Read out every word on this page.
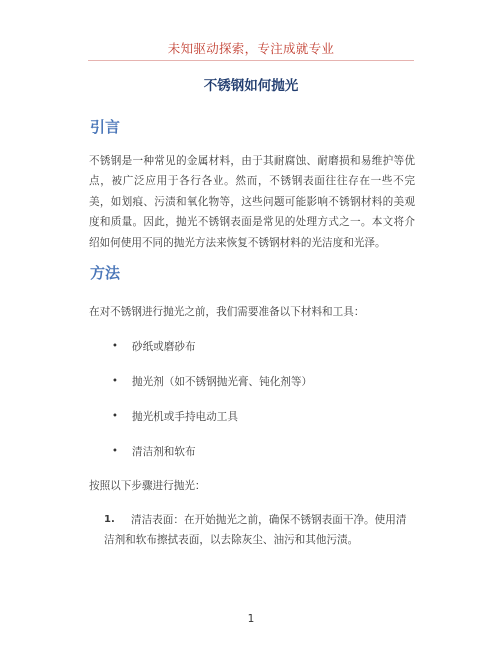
未知驱动探索，专注成就专业
不锈钢如何抛光
引言
不锈钢是一种常见的金属材料，由于其耐腐蚀、耐磨损和易维护等优点，被广泛应用于各行各业。然而，不锈钢表面往往存在一些不完美，如划痕、污渍和氧化物等，这些问题可能影响不锈钢材料的美观度和质量。因此，抛光不锈钢表面是常见的处理方式之一。本文将介绍如何使用不同的抛光方法来恢复不锈钢材料的光洁度和光泽。
方法
在对不锈钢进行抛光之前，我们需要准备以下材料和工具：
•	砂纸或磨砂布
•	抛光剂（如不锈钢抛光膏、钝化剂等）
•	抛光机或手持电动工具
•	清洁剂和软布
按照以下步骤进行抛光：
1.	清洁表面：在开始抛光之前，确保不锈钢表面干净。使用清洁剂和软布擦拭表面，以去除灰尘、油污和其他污渍。
1
